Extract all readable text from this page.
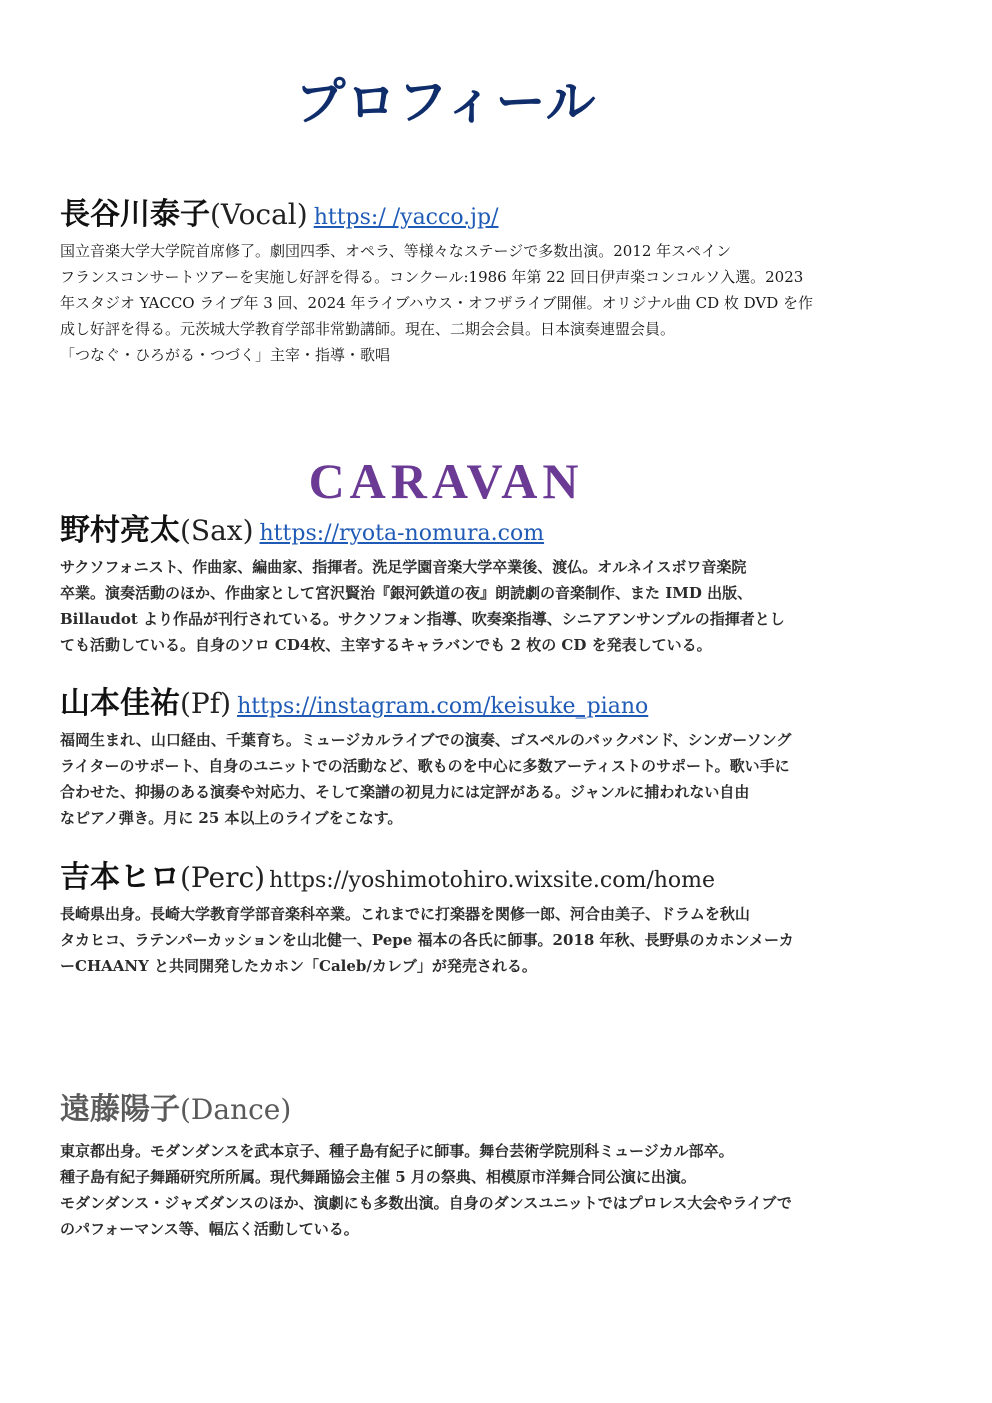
プロフィール
長谷川泰子(Vocal) https:/ /yacco.jp/
国立音楽大学大学院首席修了。劇団四季、オペラ、等様々なステージで多数出演。2012 年スペイン
フランスコンサートツアーを実施し好評を得る。コンクール:1986 年第 22 回日伊声楽コンコルソ入選。2023
年スタジオ YACCO ライブ年 3 回、2024 年ライブハウス・オフザライブ開催。オリジナル曲 CD 枚 DVD を作
成し好評を得る。元茨城大学教育学部非常勤講師。現在、二期会会員。日本演奏連盟会員。
「つなぐ・ひろがる・つづく」主宰・指導・歌唱
CARAVAN
野村亮太(Sax) https://ryota-nomura.com
サクソフォニスト、作曲家、編曲家、指揮者。洗足学園音楽大学卒業後、渡仏。オルネイスボワ音楽院
卒業。演奏活動のほか、作曲家として宮沢賢治『銀河鉄道の夜』朗読劇の音楽制作、また IMD 出版、
Billaudot より作品が刊行されている。サクソフォン指導、吹奏楽指導、シニアアンサンブルの指揮者とし
ても活動している。自身のソロ CD4枚、主宰するキャラバンでも 2 枚の CD を発表している。
山本佳祐(Pf) https://instagram.com/keisuke_piano
福岡生まれ、山口経由、千葉育ち。ミュージカルライブでの演奏、ゴスペルのバックバンド、シンガーソング
ライターのサポート、自身のユニットでの活動など、歌ものを中心に多数アーティストのサポート。歌い手に
合わせた、抑揚のある演奏や対応力、そして楽譜の初見力には定評がある。ジャンルに捕われない自由
なピアノ弾き。月に 25 本以上のライブをこなす。
吉本ヒロ(Perc) https://yoshimotohiro.wixsite.com/home
長崎県出身。長崎大学教育学部音楽科卒業。これまでに打楽器を関修一郎、河合由美子、ドラムを秋山
タカヒコ、ラテンパーカッションを山北健一、Pepe 福本の各氏に師事。2018 年秋、長野県のカホンメーカ
ーCHAANY と共同開発したカホン「Caleb/カレブ」が発売される。
遠藤陽子(Dance)
東京都出身。モダンダンスを武本京子、種子島有紀子に師事。舞台芸術学院別科ミュージカル部卒。
種子島有紀子舞踊研究所所属。現代舞踊協会主催 5 月の祭典、相模原市洋舞合同公演に出演。
モダンダンス・ジャズダンスのほか、演劇にも多数出演。自身のダンスユニットではプロレス大会やライブで
のパフォーマンス等、幅広く活動している。
